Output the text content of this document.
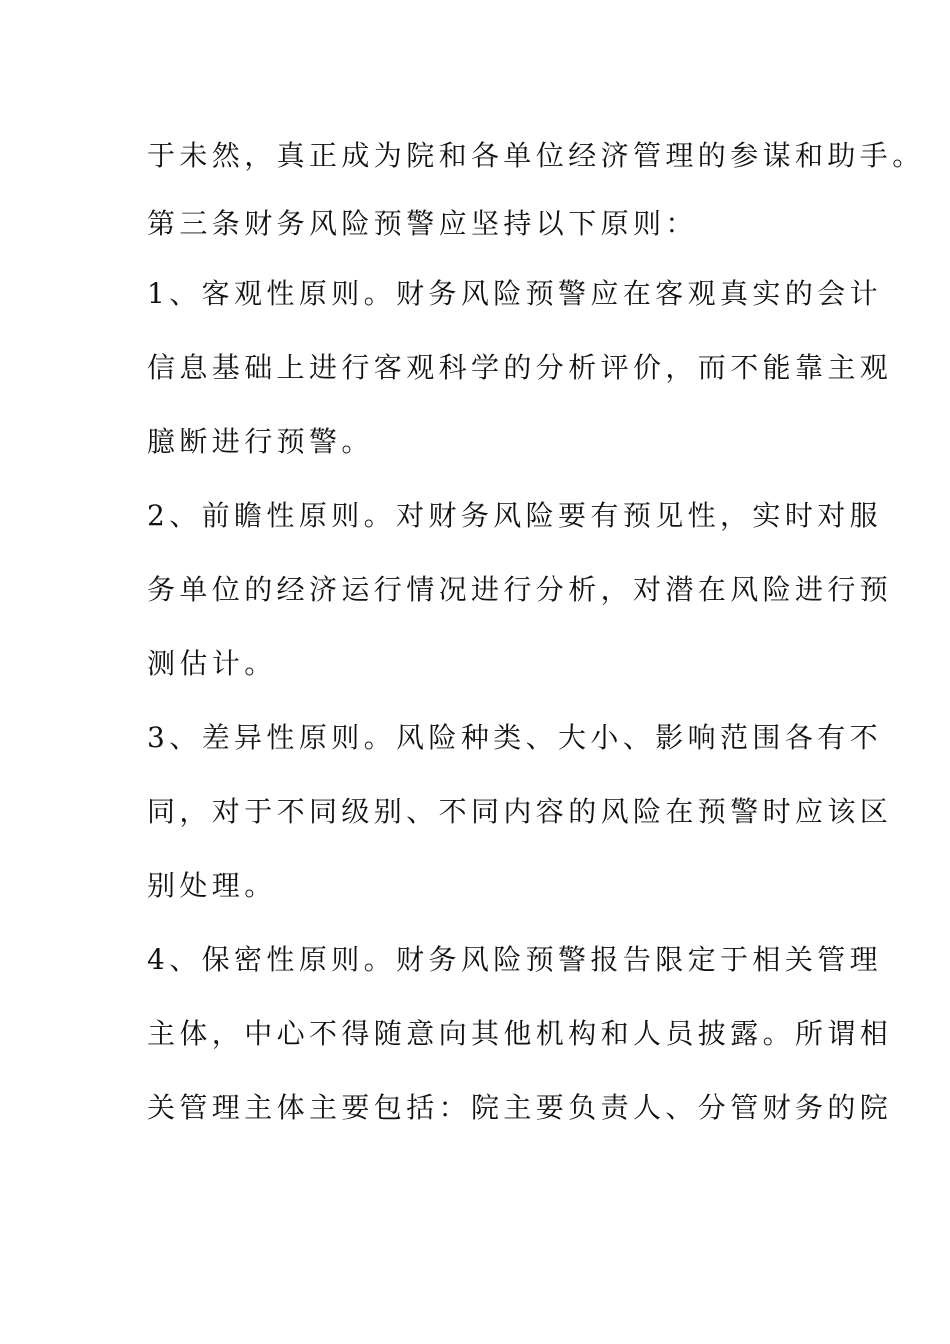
于未然，真正成为院和各单位经济管理的参谋和助手。
第三条财务风险预警应坚持以下原则：
1、客观性原则。财务风险预警应在客观真实的会计
信息基础上进行客观科学的分析评价，而不能靠主观
臆断进行预警。
2、前瞻性原则。对财务风险要有预见性，实时对服
务单位的经济运行情况进行分析，对潜在风险进行预
测估计。
3、差异性原则。风险种类、大小、影响范围各有不
同，对于不同级别、不同内容的风险在预警时应该区
别处理。
4、保密性原则。财务风险预警报告限定于相关管理
主体，中心不得随意向其他机构和人员披露。所谓相
关管理主体主要包括：院主要负责人、分管财务的院
